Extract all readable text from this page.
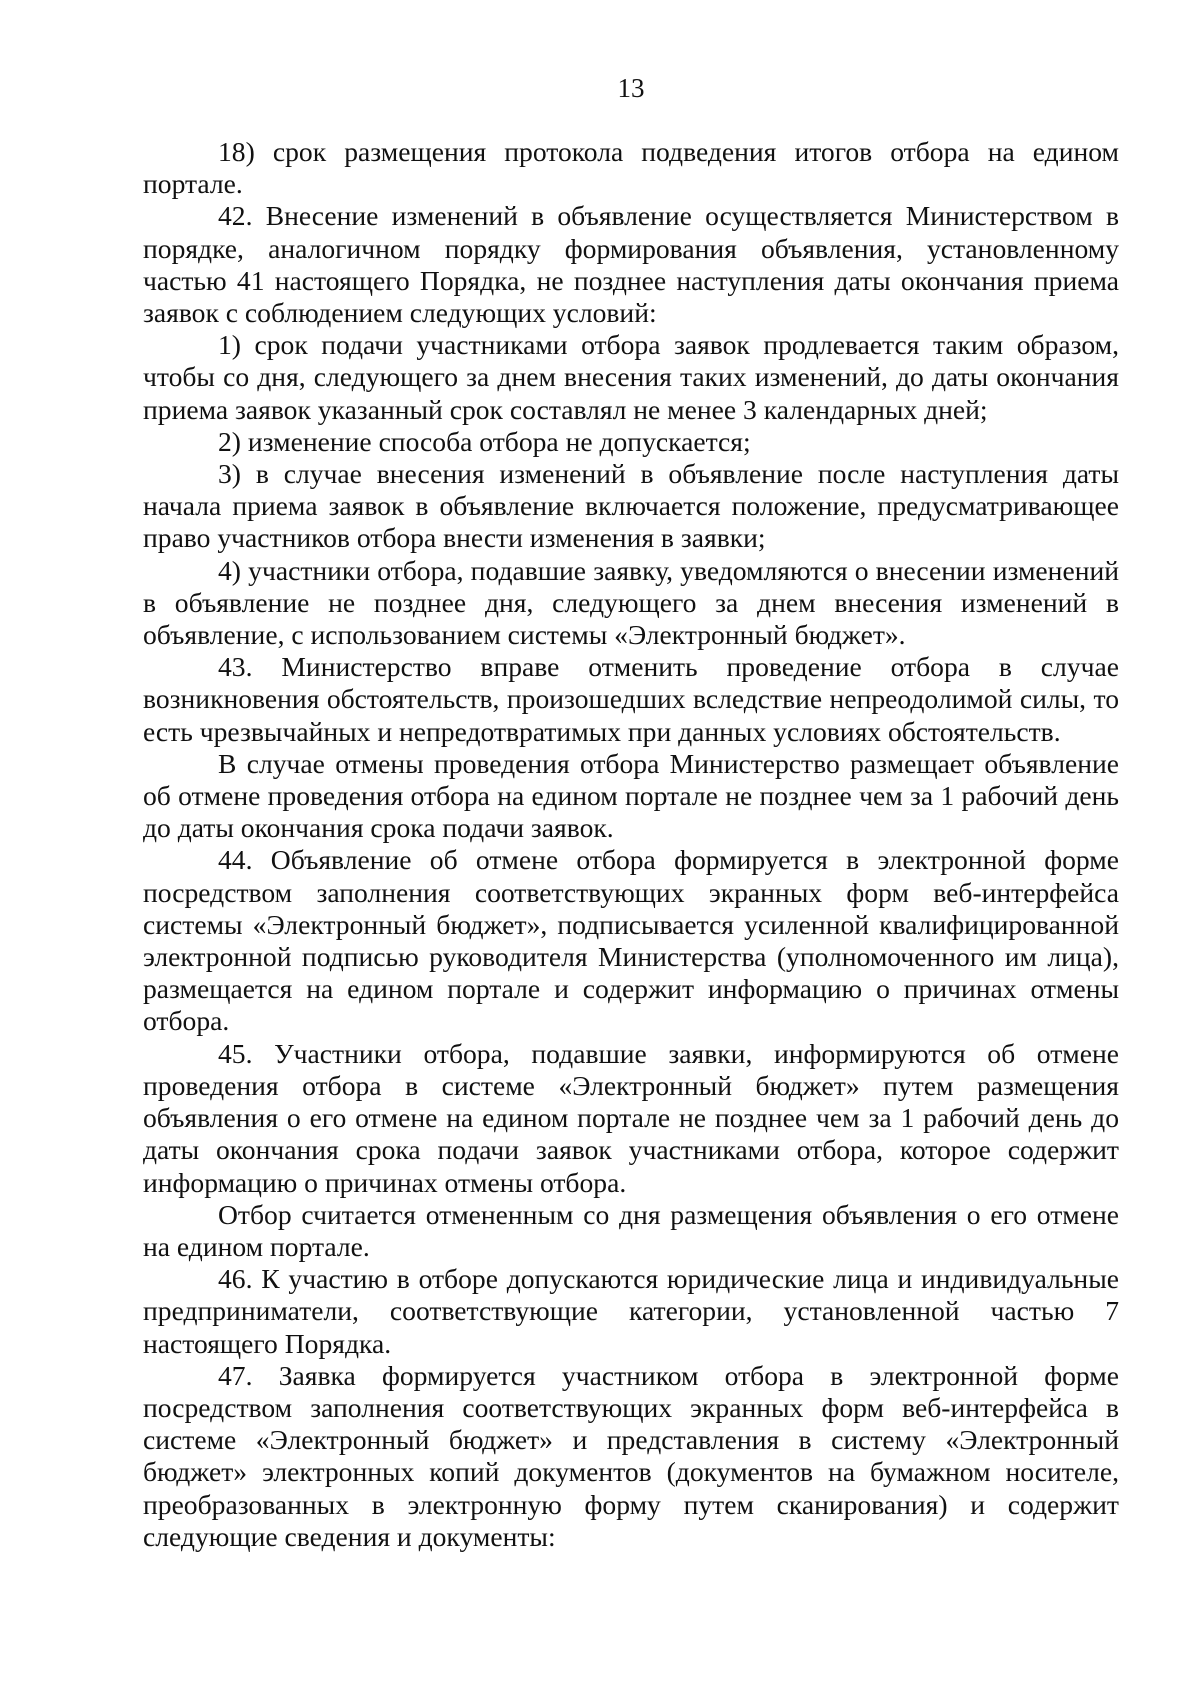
13

18) срок размещения протокола подведения итогов отбора на едином портале.

42. Внесение изменений в объявление осуществляется Министерством в порядке, аналогичном порядку формирования объявления, установленному частью 41 настоящего Порядка, не позднее наступления даты окончания приема заявок с соблюдением следующих условий:

1) срок подачи участниками отбора заявок продлевается таким образом, чтобы со дня, следующего за днем внесения таких изменений, до даты окончания приема заявок указанный срок составлял не менее 3 календарных дней;

2) изменение способа отбора не допускается;

3) в случае внесения изменений в объявление после наступления даты начала приема заявок в объявление включается положение, предусматривающее право участников отбора внести изменения в заявки;

4) участники отбора, подавшие заявку, уведомляются о внесении изменений в объявление не позднее дня, следующего за днем внесения изменений в объявление, с использованием системы «Электронный бюджет».

43. Министерство вправе отменить проведение отбора в случае возникновения обстоятельств, произошедших вследствие непреодолимой силы, то есть чрезвычайных и непредотвратимых при данных условиях обстоятельств.

В случае отмены проведения отбора Министерство размещает объявление об отмене проведения отбора на едином портале не позднее чем за 1 рабочий день до даты окончания срока подачи заявок.

44. Объявление об отмене отбора формируется в электронной форме посредством заполнения соответствующих экранных форм веб-интерфейса системы «Электронный бюджет», подписывается усиленной квалифицированной электронной подписью руководителя Министерства (уполномоченного им лица), размещается на едином портале и содержит информацию о причинах отмены отбора.

45. Участники отбора, подавшие заявки, информируются об отмене проведения отбора в системе «Электронный бюджет» путем размещения объявления о его отмене на едином портале не позднее чем за 1 рабочий день до даты окончания срока подачи заявок участниками отбора, которое содержит информацию о причинах отмены отбора.

Отбор считается отмененным со дня размещения объявления о его отмене на едином портале.

46. К участию в отборе допускаются юридические лица и индивидуальные предприниматели, соответствующие категории, установленной частью 7 настоящего Порядка.

47. Заявка формируется участником отбора в электронной форме посредством заполнения соответствующих экранных форм веб-интерфейса в системе «Электронный бюджет» и представления в систему «Электронный бюджет» электронных копий документов (документов на бумажном носителе, преобразованных в электронную форму путем сканирования) и содержит следующие сведения и документы:
